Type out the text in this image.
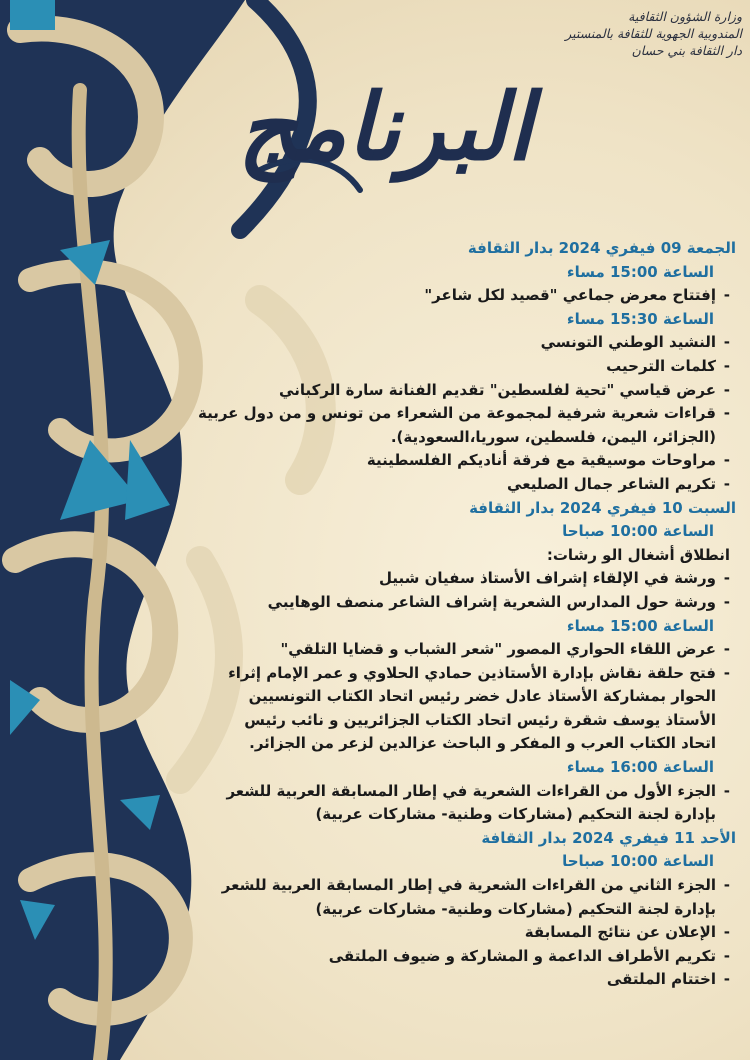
وزارة الشؤون الثقافية
المندوبية الجهوية للثقافة بالمنستير
دار الثقافة بني حسان
البرنامج
الجمعة 09 فيفري 2024 بدار الثقافة
الساعة 15:00 مساء
-إفتتاح معرض جماعي "قصيد لكل شاعر"
الساعة 15:30 مساء
-النشيد الوطني التونسي
-كلمات الترحيب
-عرض قياسي "تحية لفلسطين" تقديم الفنانة سارة الركباني
-قراءات شعرية شرفية لمجموعة من الشعراء من تونس و من دول عربية
(الجزائر، اليمن، فلسطين، سوريا،السعودية).
-مراوحات موسيقية مع فرقة أناديكم الفلسطينية
-تكريم الشاعر جمال الصليعي
السبت 10 فيفري 2024 بدار الثقافة
الساعة 10:00 صباحا
انطلاق أشغال الو رشات:
-ورشة في الإلقاء إشراف الأستاذ سفيان شبيل
-ورشة حول المدارس الشعرية إشراف الشاعر منصف الوهايبي
الساعة 15:00 مساء
-عرض اللقاء الحواري المصور "شعر الشباب و قضايا التلقي"
-فتح حلقة نقاش بإدارة الأستاذين حمادي الحلاوي و عمر الإمام إثراء
الحوار بمشاركة الأستاذ عادل خضر رئيس اتحاد الكتاب التونسيين
الأستاذ يوسف شقرة رئيس اتحاد الكتاب الجزائريين و نائب رئيس
اتحاد الكتاب العرب و المفكر و الباحث عزالدين لزعر من الجزائر.
الساعة 16:00 مساء
-الجزء الأول من القراءات الشعرية في إطار المسابقة العربية للشعر
بإدارة لجنة التحكيم (مشاركات وطنية- مشاركات عربية)
الأحد 11 فيفري 2024 بدار الثقافة
الساعة 10:00 صباحا
-الجزء الثاني من القراءات الشعرية في إطار المسابقة العربية للشعر
بإدارة لجنة التحكيم (مشاركات وطنية- مشاركات عربية)
-الإعلان عن نتائج المسابقة
-تكريم الأطراف الداعمة و المشاركة و ضيوف الملتقى
-اختتام الملتقى
